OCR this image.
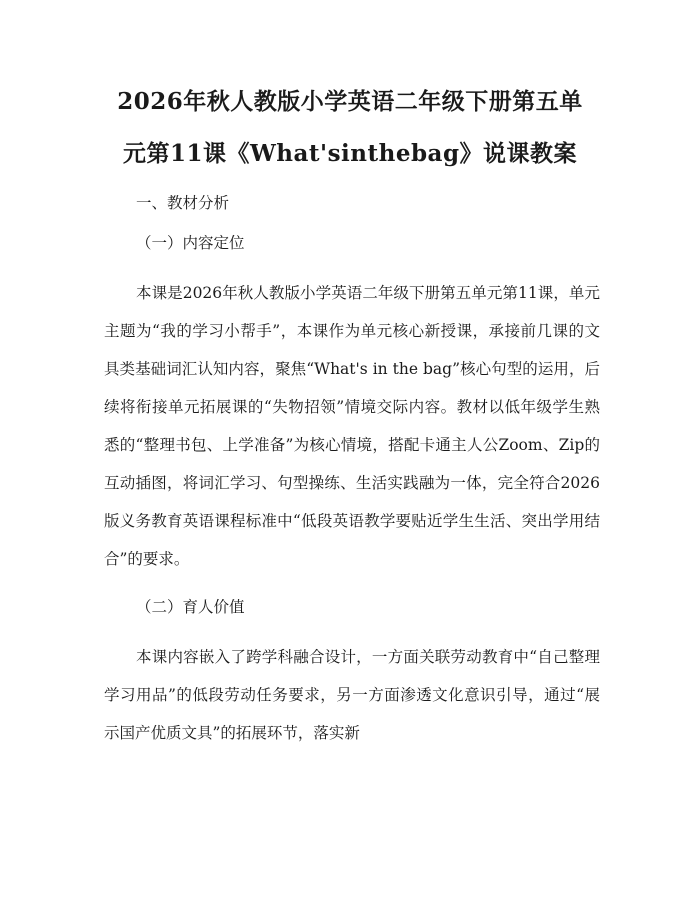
2026年秋人教版小学英语二年级下册第五单
元第11课《What'sinthebag》说课教案
一、教材分析
（一）内容定位

本课是2026年秋人教版小学英语二年级下册第五单元第11课，单元主题为“我的学习小帮手”，本课作为单元核心新授课，承接前几课的文具类基础词汇认知内容，聚焦“What's in the bag”核心句型的运用，后续将衔接单元拓展课的“失物招领”情境交际内容。教材以低年级学生熟悉的“整理书包、上学准备”为核心情境，搭配卡通主人公Zoom、Zip的互动插图，将词汇学习、句型操练、生活实践融为一体，完全符合2026版义务教育英语课程标准中“低段英语教学要贴近学生生活、突出学用结合”的要求。

（二）育人价值

本课内容嵌入了跨学科融合设计，一方面关联劳动教育中“自己整理学习用品”的低段劳动任务要求，另一方面渗透文化意识引导，通过“展示国产优质文具”的拓展环节，落实新
